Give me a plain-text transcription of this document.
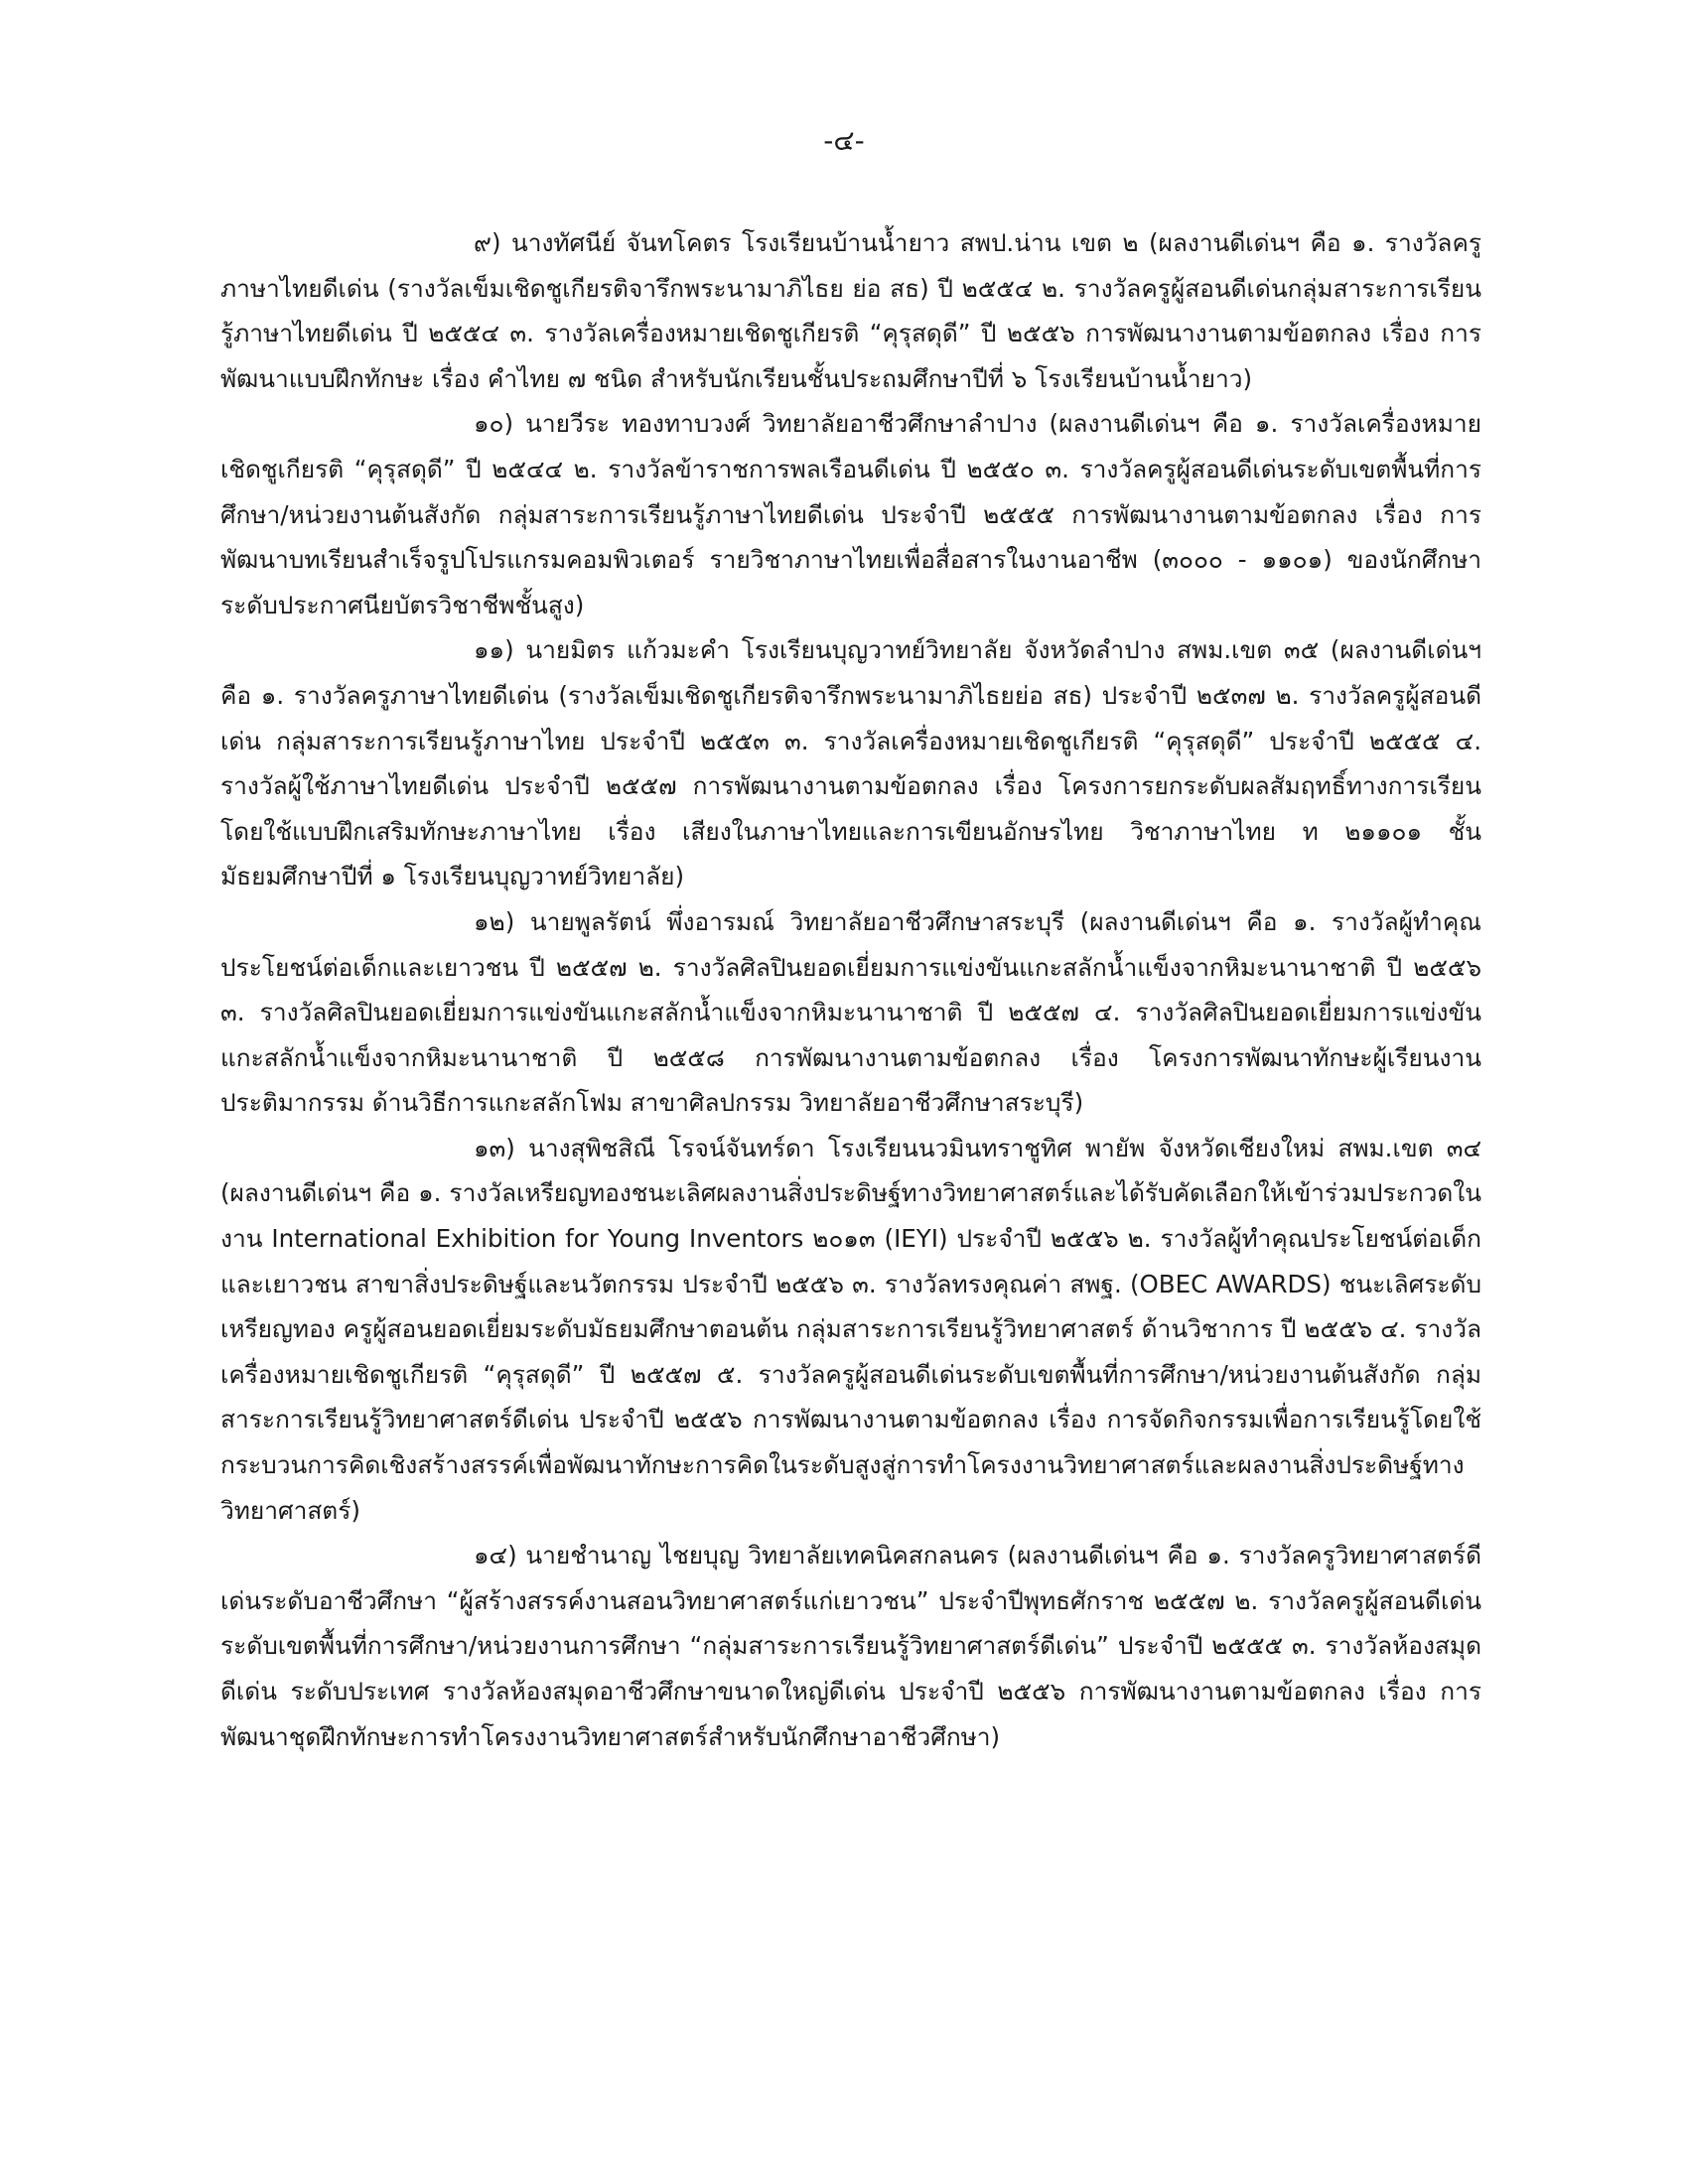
-๔-

๙) นางทัศนีย์ จันทโคตร โรงเรียนบ้านน้ำยาว สพป.น่าน เขต ๒ (ผลงานดีเด่นฯ คือ ๑. รางวัลครูภาษาไทยดีเด่น (รางวัลเข็มเชิดชูเกียรติจารึกพระนามาภิไธย ย่อ สธ) ปี ๒๕๕๔ ๒. รางวัลครูผู้สอนดีเด่นกลุ่มสาระการเรียนรู้ภาษาไทยดีเด่น ปี ๒๕๕๔ ๓. รางวัลเครื่องหมายเชิดชูเกียรติ “คุรุสดุดี” ปี ๒๕๕๖ การพัฒนางานตามข้อตกลง เรื่อง การพัฒนาแบบฝึกทักษะ เรื่อง คำไทย ๗ ชนิด สำหรับนักเรียนชั้นประถมศึกษาปีที่ ๖ โรงเรียนบ้านน้ำยาว)

๑๐) นายวีระ ทองทาบวงศ์ วิทยาลัยอาชีวศึกษาลำปาง (ผลงานดีเด่นฯ คือ ๑. รางวัลเครื่องหมายเชิดชูเกียรติ “คุรุสดุดี” ปี ๒๕๔๔ ๒. รางวัลข้าราชการพลเรือนดีเด่น ปี ๒๕๕๐ ๓. รางวัลครูผู้สอนดีเด่นระดับเขตพื้นที่การศึกษา/หน่วยงานต้นสังกัด กลุ่มสาระการเรียนรู้ภาษาไทยดีเด่น ประจำปี ๒๕๕๕ การพัฒนางานตามข้อตกลง เรื่อง การพัฒนาบทเรียนสำเร็จรูปโปรแกรมคอมพิวเตอร์ รายวิชาภาษาไทยเพื่อสื่อสารในงานอาชีพ (๓๐๐๐ - ๑๑๐๑) ของนักศึกษาระดับประกาศนียบัตรวิชาชีพชั้นสูง)

๑๑) นายมิตร แก้วมะคำ โรงเรียนบุญวาทย์วิทยาลัย จังหวัดลำปาง สพม.เขต ๓๕ (ผลงานดีเด่นฯ คือ ๑. รางวัลครูภาษาไทยดีเด่น (รางวัลเข็มเชิดชูเกียรติจารึกพระนามาภิไธยย่อ สธ) ประจำปี ๒๕๓๗ ๒. รางวัลครูผู้สอนดีเด่น กลุ่มสาระการเรียนรู้ภาษาไทย ประจำปี ๒๕๕๓ ๓. รางวัลเครื่องหมายเชิดชูเกียรติ “คุรุสดุดี” ประจำปี ๒๕๕๕ ๔. รางวัลผู้ใช้ภาษาไทยดีเด่น ประจำปี ๒๕๕๗ การพัฒนางานตามข้อตกลง เรื่อง โครงการยกระดับผลสัมฤทธิ์ทางการเรียน โดยใช้แบบฝึกเสริมทักษะภาษาไทย เรื่อง เสียงในภาษาไทยและการเขียนอักษรไทย วิชาภาษาไทย ท ๒๑๑๐๑ ชั้นมัธยมศึกษาปีที่ ๑ โรงเรียนบุญวาทย์วิทยาลัย)

๑๒) นายพูลรัตน์ พึ่งอารมณ์ วิทยาลัยอาชีวศึกษาสระบุรี (ผลงานดีเด่นฯ คือ ๑. รางวัลผู้ทำคุณประโยชน์ต่อเด็กและเยาวชน ปี ๒๕๕๗ ๒. รางวัลศิลปินยอดเยี่ยมการแข่งขันแกะสลักน้ำแข็งจากหิมะนานาชาติ ปี ๒๕๕๖ ๓. รางวัลศิลปินยอดเยี่ยมการแข่งขันแกะสลักน้ำแข็งจากหิมะนานาชาติ ปี ๒๕๕๗ ๔. รางวัลศิลปินยอดเยี่ยมการแข่งขันแกะสลักน้ำแข็งจากหิมะนานาชาติ ปี ๒๕๕๘ การพัฒนางานตามข้อตกลง เรื่อง โครงการพัฒนาทักษะผู้เรียนงานประติมากรรม ด้านวิธีการแกะสลักโฟม สาขาศิลปกรรม วิทยาลัยอาชีวศึกษาสระบุรี)

๑๓) นางสุพิชสิณี โรจน์จันทร์ดา โรงเรียนนวมินทราชูทิศ พายัพ จังหวัดเชียงใหม่ สพม.เขต ๓๔ (ผลงานดีเด่นฯ คือ ๑. รางวัลเหรียญทองชนะเลิศผลงานสิ่งประดิษฐ์ทางวิทยาศาสตร์และได้รับคัดเลือกให้เข้าร่วมประกวดในงาน International Exhibition for Young Inventors ๒๐๑๓ (IEYI) ประจำปี ๒๕๕๖ ๒. รางวัลผู้ทำคุณประโยชน์ต่อเด็กและเยาวชน สาขาสิ่งประดิษฐ์และนวัตกรรม ประจำปี ๒๕๕๖ ๓. รางวัลทรงคุณค่า สพฐ. (OBEC AWARDS) ชนะเลิศระดับเหรียญทอง ครูผู้สอนยอดเยี่ยมระดับมัธยมศึกษาตอนต้น กลุ่มสาระการเรียนรู้วิทยาศาสตร์ ด้านวิชาการ ปี ๒๕๕๖ ๔. รางวัลเครื่องหมายเชิดชูเกียรติ “คุรุสดุดี” ปี ๒๕๕๗ ๕. รางวัลครูผู้สอนดีเด่นระดับเขตพื้นที่การศึกษา/หน่วยงานต้นสังกัด กลุ่มสาระการเรียนรู้วิทยาศาสตร์ดีเด่น ประจำปี ๒๕๕๖ การพัฒนางานตามข้อตกลง เรื่อง การจัดกิจกรรมเพื่อการเรียนรู้โดยใช้กระบวนการคิดเชิงสร้างสรรค์เพื่อพัฒนาทักษะการคิดในระดับสูงสู่การทำโครงงานวิทยาศาสตร์และผลงานสิ่งประดิษฐ์ทางวิทยาศาสตร์)

๑๔) นายชำนาญ ไชยบุญ วิทยาลัยเทคนิคสกลนคร (ผลงานดีเด่นฯ คือ ๑. รางวัลครูวิทยาศาสตร์ดีเด่นระดับอาชีวศึกษา “ผู้สร้างสรรค์งานสอนวิทยาศาสตร์แก่เยาวชน” ประจำปีพุทธศักราช ๒๕๕๗ ๒. รางวัลครูผู้สอนดีเด่น ระดับเขตพื้นที่การศึกษา/หน่วยงานการศึกษา “กลุ่มสาระการเรียนรู้วิทยาศาสตร์ดีเด่น” ประจำปี ๒๕๕๕ ๓. รางวัลห้องสมุดดีเด่น ระดับประเทศ รางวัลห้องสมุดอาชีวศึกษาขนาดใหญ่ดีเด่น ประจำปี ๒๕๕๖ การพัฒนางานตามข้อตกลง เรื่อง การพัฒนาชุดฝึกทักษะการทำโครงงานวิทยาศาสตร์สำหรับนักศึกษาอาชีวศึกษา)
